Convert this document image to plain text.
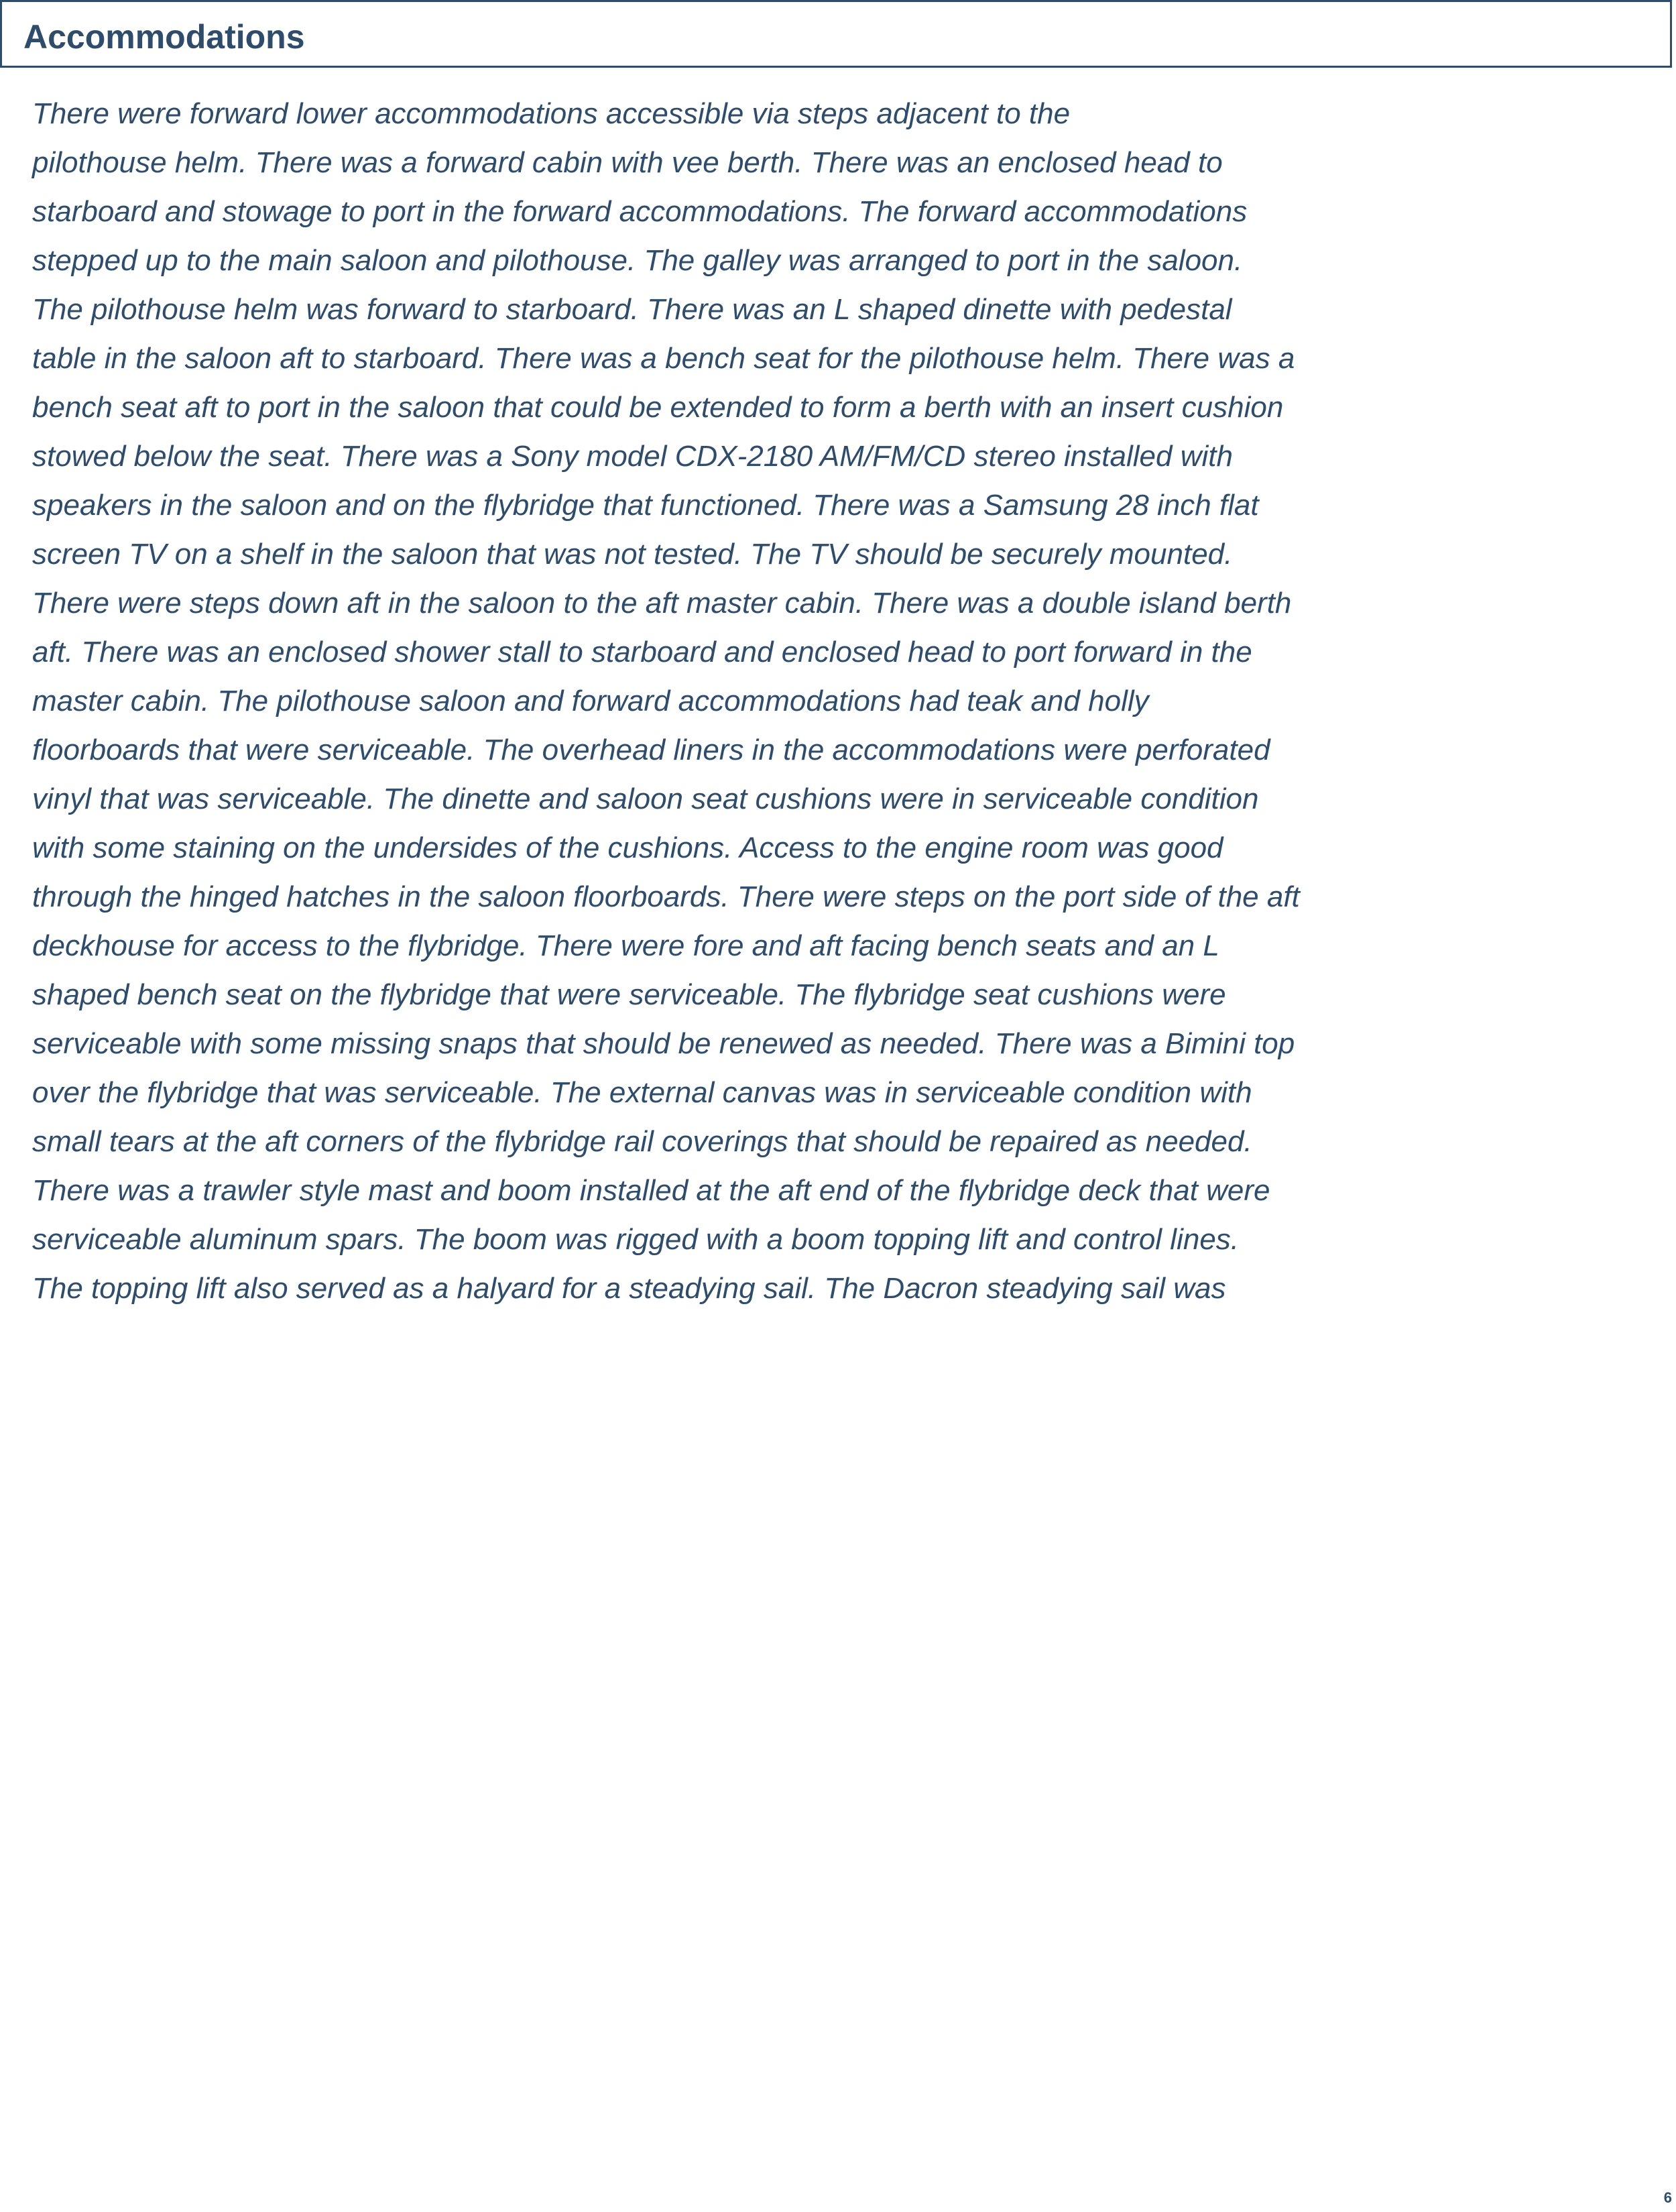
Accommodations
There were forward lower accommodations accessible via steps adjacent to the
pilothouse helm. There was a forward cabin with vee berth. There was an enclosed head to
starboard and stowage to port in the forward accommodations. The forward accommodations
stepped up to the main saloon and pilothouse. The galley was arranged to port in the saloon.
The pilothouse helm was forward to starboard. There was an L shaped dinette with pedestal
table in the saloon aft to starboard. There was a bench seat for the pilothouse helm. There was a
bench seat aft to port in the saloon that could be extended to form a berth with an insert cushion
stowed below the seat. There was a Sony model CDX-2180 AM/FM/CD stereo installed with
speakers in the saloon and on the flybridge that functioned. There was a Samsung 28 inch flat
screen TV on a shelf in the saloon that was not tested. The TV should be securely mounted.
There were steps down aft in the saloon to the aft master cabin. There was a double island berth
aft. There was an enclosed shower stall to starboard and enclosed head to port forward in the
master cabin. The pilothouse saloon and forward accommodations had teak and holly
floorboards that were serviceable. The overhead liners in the accommodations were perforated
vinyl that was serviceable. The dinette and saloon seat cushions were in serviceable condition
with some staining on the undersides of the cushions. Access to the engine room was good
through the hinged hatches in the saloon floorboards. There were steps on the port side of the aft
deckhouse for access to the flybridge. There were fore and aft facing bench seats and an L
shaped bench seat on the flybridge that were serviceable. The flybridge seat cushions were
serviceable with some missing snaps that should be renewed as needed. There was a Bimini top
over the flybridge that was serviceable. The external canvas was in serviceable condition with
small tears at the aft corners of the flybridge rail coverings that should be repaired as needed.
There was a trawler style mast and boom installed at the aft end of the flybridge deck that were
serviceable aluminum spars. The boom was rigged with a boom topping lift and control lines.
The topping lift also served as a halyard for a steadying sail. The Dacron steadying sail was
6
